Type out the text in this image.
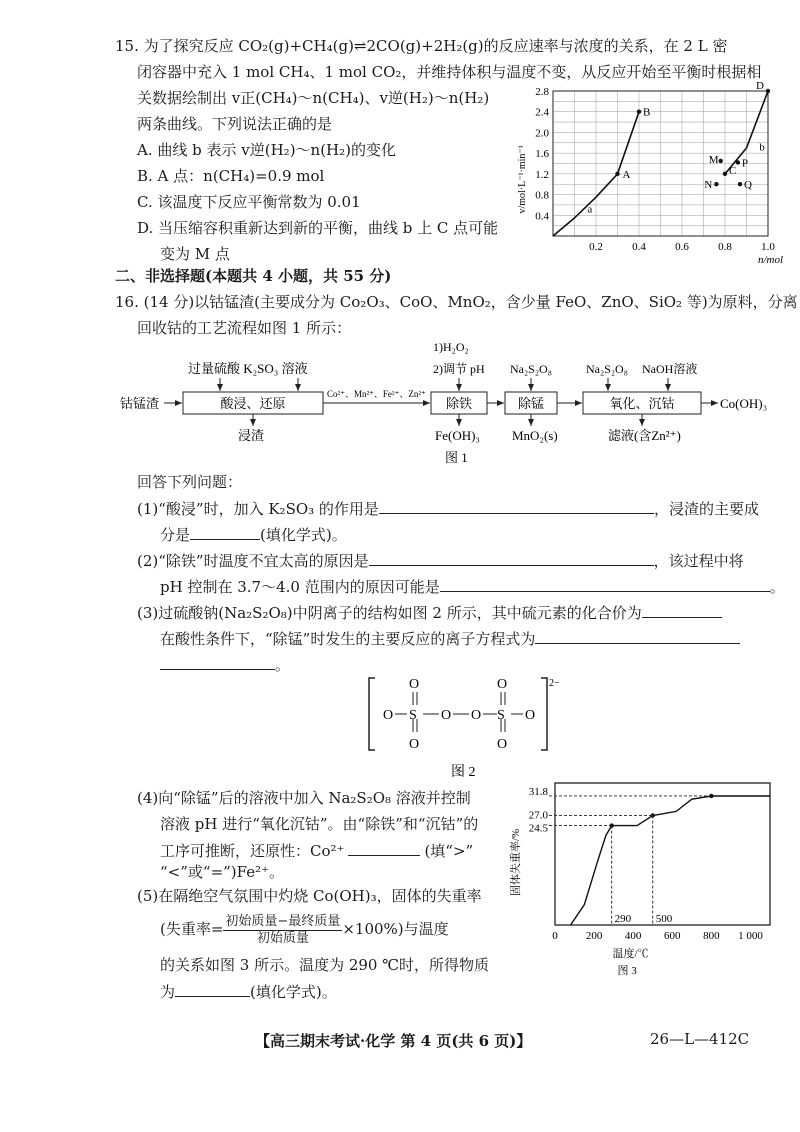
15. 为了探究反应 CO₂(g)+CH₄(g)⇌2CO(g)+2H₂(g)的反应速率与浓度的关系，在 2 L 密
闭容器中充入 1 mol CH₄、1 mol CO₂，并维持体积与温度不变，从反应开始至平衡时根据相
关数据绘制出 v正(CH₄)～n(CH₄)、v逆(H₂)～n(H₂)
两条曲线。下列说法正确的是
A. 曲线 b 表示 v逆(H₂)～n(H₂)的变化
B. A 点：n(CH₄)=0.9 mol
C. 该温度下反应平衡常数为 0.01
D. 当压缩容积重新达到新的平衡，曲线 b 上 C 点可能
变为 M 点
0.4
0.8
1.2
1.6
2.0
2.4
2.8
0.2	0.4	0.6	0.8	1.0
n/mol
v/mol·L⁻¹·min⁻¹	a
b
A
B
C
D
M
N
P
Q
二、非选择题(本题共 4 小题，共 55 分)
16. (14 分)以钴锰渣(主要成分为 Co₂O₃、CoO、MnO₂，含少量 FeO、ZnO、SiO₂ 等)为原料，分离
回收钴的工艺流程如图 1 所示：
钴锰渣	酸浸、还原
过量硫酸 K₂SO₃ 溶液
浸渣
Co²⁺、Mn²⁺、Fe²⁺、Zn²⁺
除铁
1)H₂O₂
2)调节 pH
Fe(OH)₃
除锰
Na₂S₂O₈
MnO₂(s)
氧化、沉钴
Na₂S₂O₈ NaOH溶液
滤液(含Zn²⁺)
Co(OH)₃
图 1
回答下列问题：
(1)“酸浸”时，加入 K₂SO₃ 的作用是	，浸渣的主要成
分是	(填化学式)。
(2)“除铁”时温度不宜太高的原因是	，该过程中将
pH 控制在 3.7～4.0 范围内的原因可能是	。
(3)过硫酸钠(Na₂S₂O₈)中阴离子的结构如图 2 所示，其中硫元素的化合价为
在酸性条件下，“除锰”时发生的主要反应的离子方程式为
。
2−
O S O O S O
O
O
O
O
图 2
(4)向“除锰”后的溶液中加入 Na₂S₂O₈ 溶液并控制
溶液 pH 进行“氧化沉钴”。由“除铁”和“沉钴”的
工序可推断，还原性：Co²⁺	(填“>”
“<”或“=”)Fe²⁺。
(5)在隔绝空气氛围中灼烧 Co(OH)₃，固体的失重率
(失重率= $\frac{\text{初始质量−最终质量}}{\text{初始质量}} \times 100\%$)与温度
的关系如图 3 所示。温度为 290 ℃时，所得物质
为	(填化学式)。
24.5
27.0
31.8
290 500
0	200 400 600 800 1 000
温度/℃
图 3
固体失重率/%
【高三期末考试·化学 第 4 页(共 6 页)】	26—L—412C
